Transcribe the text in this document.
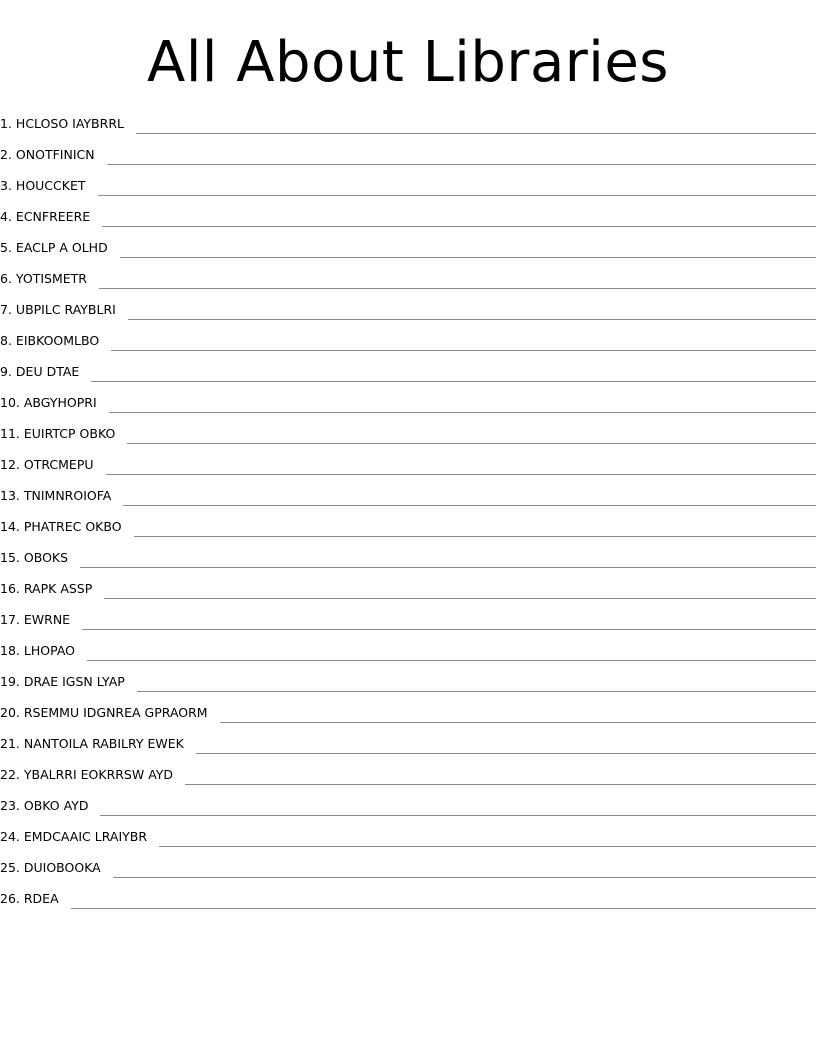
All About Libraries
1. HCLOSO IAYBRRL
2. ONOTFINICN
3. HOUCCKET
4. ECNFREERE
5. EACLP A OLHD
6. YOTISMETR
7. UBPILC RAYBLRI
8. EIBKOOMLBO
9. DEU DTAE
10. ABGYHOPRI
11. EUIRTCP OBKO
12. OTRCMEPU
13. TNIMNROIOFA
14. PHATREC OKBO
15. OBOKS
16. RAPK ASSP
17. EWRNE
18. LHOPAO
19. DRAE IGSN LYAP
20. RSEMMU IDGNREA GPRAORM
21. NANTOILA RABILRY EWEK
22. YBALRRI EOKRRSW AYD
23. OBKO AYD
24. EMDCAAIC LRAIYBR
25. DUIOBOOKA
26. RDEA
